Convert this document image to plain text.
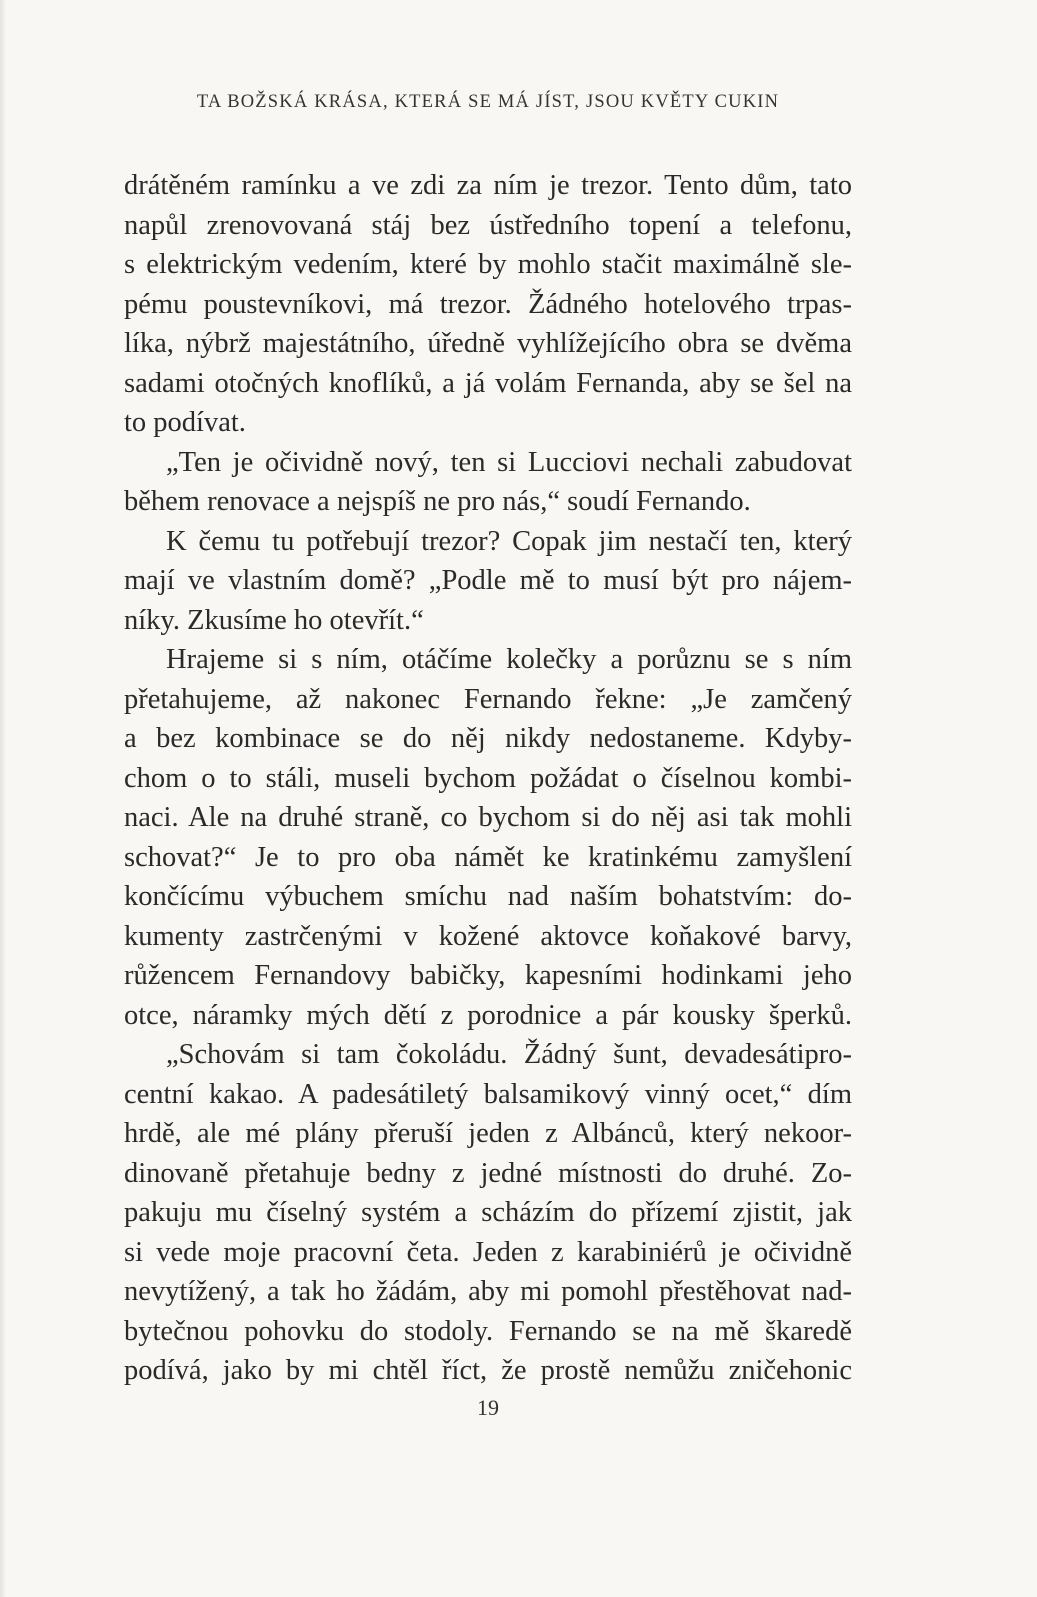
TA BOŽSKÁ KRÁSA, KTERÁ SE MÁ JÍST, JSOU KVĚTY CUKIN
drátěném ramínku a ve zdi za ním je trezor. Tento dům, tato
napůl zrenovovaná stáj bez ústředního topení a telefonu,
s elektrickým vedením, které by mohlo stačit maximálně sle-
pému poustevníkovi, má trezor. Žádného hotelového trpas-
líka, nýbrž majestátního, úředně vyhlížejícího obra se dvěma
sadami otočných knoflíků, a já volám Fernanda, aby se šel na
to podívat.
„Ten je očividně nový, ten si Lucciovi nechali zabudovat
během renovace a nejspíš ne pro nás,“ soudí Fernando.
K čemu tu potřebují trezor? Copak jim nestačí ten, který
mají ve vlastním domě? „Podle mě to musí být pro nájem-
níky. Zkusíme ho otevřít.“
Hrajeme si s ním, otáčíme kolečky a porůznu se s ním
přetahujeme, až nakonec Fernando řekne: „Je zamčený
a bez kombinace se do něj nikdy nedostaneme. Kdyby-
chom o to stáli, museli bychom požádat o číselnou kombi-
naci. Ale na druhé straně, co bychom si do něj asi tak mohli
schovat?“ Je to pro oba námět ke kratinkému zamyšlení
končícímu výbuchem smíchu nad naším bohatstvím: do-
kumenty zastrčenými v kožené aktovce koňakové barvy,
růžencem Fernandovy babičky, kapesními hodinkami jeho
otce, náramky mých dětí z porodnice a pár kousky šperků.
„Schovám si tam čokoládu. Žádný šunt, devadesátipro-
centní kakao. A padesátiletý balsamikový vinný ocet,“ dím
hrdě, ale mé plány přeruší jeden z Albánců, který nekoor-
dinovaně přetahuje bedny z jedné místnosti do druhé. Zo-
pakuju mu číselný systém a scházím do přízemí zjistit, jak
si vede moje pracovní četa. Jeden z karabiniérů je očividně
nevytížený, a tak ho žádám, aby mi pomohl přestěhovat nad-
bytečnou pohovku do stodoly. Fernando se na mě škaredě
podívá, jako by mi chtěl říct, že prostě nemůžu zničehonic
19
